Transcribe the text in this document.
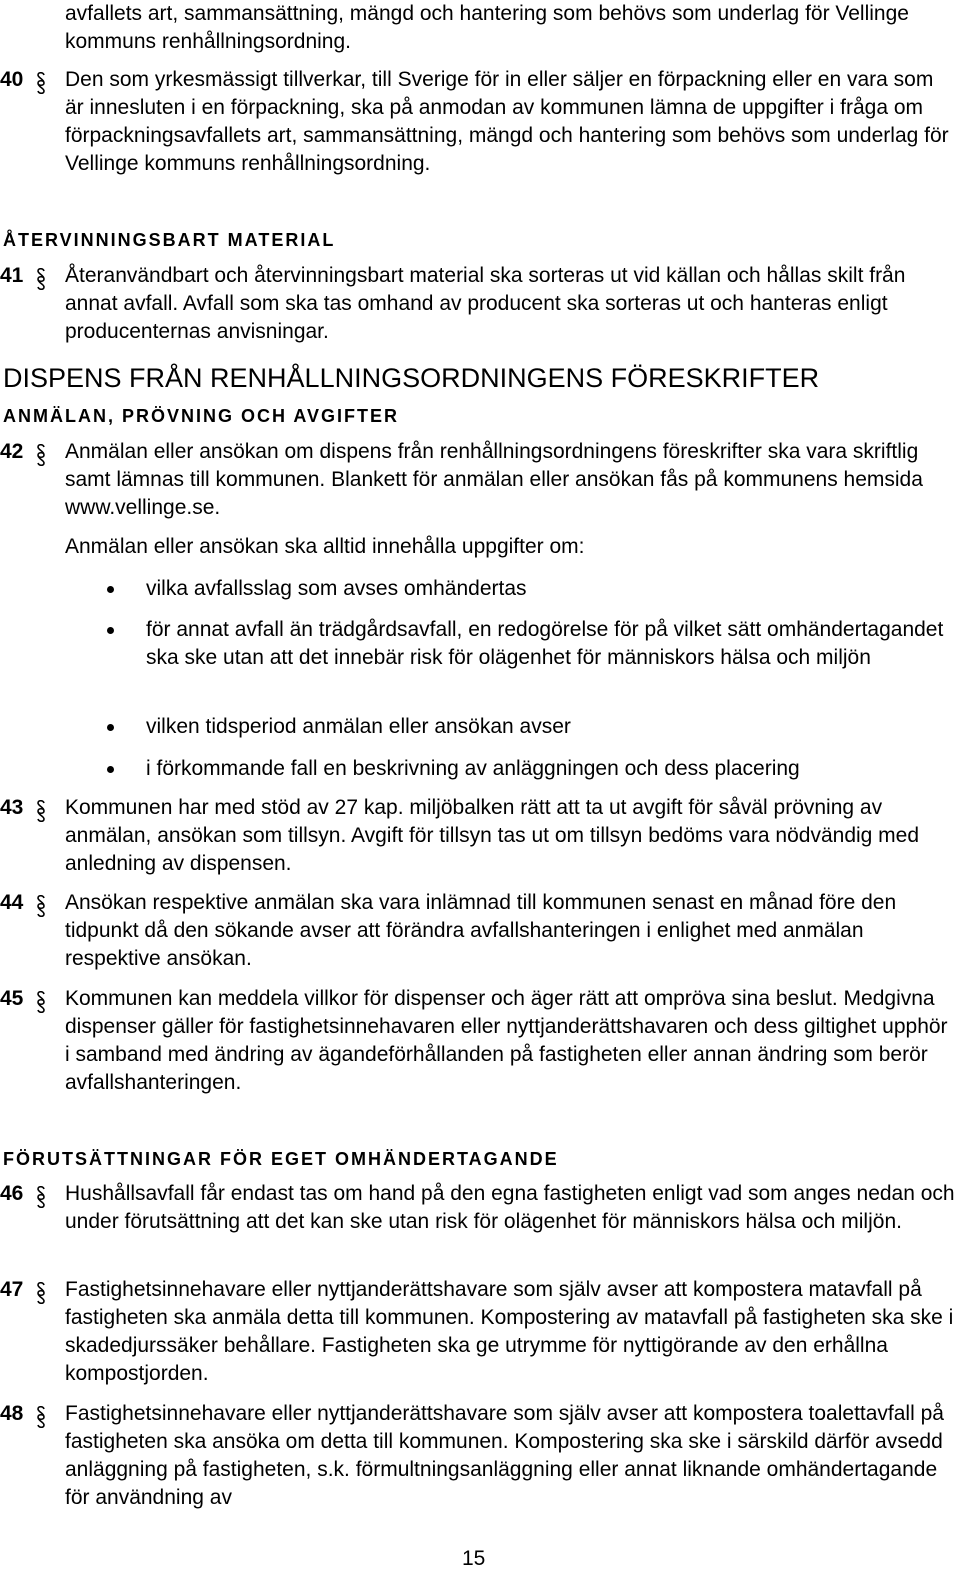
avfallets art, sammansättning, mängd och hantering som behövs som underlag för Vellinge kommuns renhållningsordning.
40 Den som yrkesmässigt tillverkar, till Sverige för in eller säljer en förpackning eller en vara som är innesluten i en förpackning, ska på anmodan av kommunen lämna de uppgifter i fråga om förpackningsavfallets art, sammansättning, mängd och hantering som behövs som underlag för Vellinge kommuns renhållningsordning.
ÅTERVINNINGSBART MATERIAL
41 Återanvändbart och återvinningsbart material ska sorteras ut vid källan och hållas skilt från annat avfall. Avfall som ska tas omhand av producent ska sorteras ut och hanteras enligt producenternas anvisningar.
DISPENS FRÅN RENHÅLLNINGSORDNINGENS FÖRESKRIFTER
ANMÄLAN, PRÖVNING OCH AVGIFTER
42 Anmälan eller ansökan om dispens från renhållningsordningens föreskrifter ska vara skriftlig samt lämnas till kommunen. Blankett för anmälan eller ansökan fås på kommunens hemsida www.vellinge.se.
Anmälan eller ansökan ska alltid innehålla uppgifter om:
vilka avfallsslag som avses omhändertas
för annat avfall än trädgårdsavfall, en redogörelse för på vilket sätt omhändertagandet ska ske utan att det innebär risk för olägenhet för människors hälsa och miljön
vilken tidsperiod anmälan eller ansökan avser
i förkommande fall en beskrivning av anläggningen och dess placering
43 Kommunen har med stöd av 27 kap. miljöbalken rätt att ta ut avgift för såväl prövning av anmälan, ansökan som tillsyn. Avgift för tillsyn tas ut om tillsyn bedöms vara nödvändig med anledning av dispensen.
44 Ansökan respektive anmälan ska vara inlämnad till kommunen senast en månad före den tidpunkt då den sökande avser att förändra avfallshanteringen i enlighet med anmälan respektive ansökan.
45 Kommunen kan meddela villkor för dispenser och äger rätt att ompröva sina beslut. Medgivna dispenser gäller för fastighetsinnehavaren eller nyttjanderättshavaren och dess giltighet upphör i samband med ändring av ägandeförhållanden på fastigheten eller annan ändring som berör avfallshanteringen.
FÖRUTSÄTTNINGAR FÖR EGET OMHÄNDERTAGANDE
46 Hushållsavfall får endast tas om hand på den egna fastigheten enligt vad som anges nedan och under förutsättning att det kan ske utan risk för olägenhet för människors hälsa och miljön.
47 Fastighetsinnehavare eller nyttjanderättshavare som själv avser att kompostera matavfall på fastigheten ska anmäla detta till kommunen. Kompostering av matavfall på fastigheten ska ske i skadedjurssäker behållare. Fastigheten ska ge utrymme för nyttigörande av den erhållna kompostjorden.
48 Fastighetsinnehavare eller nyttjanderättshavare som själv avser att kompostera toalettavfall på fastigheten ska ansöka om detta till kommunen. Kompostering ska ske i särskild därför avsedd anläggning på fastigheten, s.k. förmultningsanläggning eller annat liknande omhändertagande för användning av
15
